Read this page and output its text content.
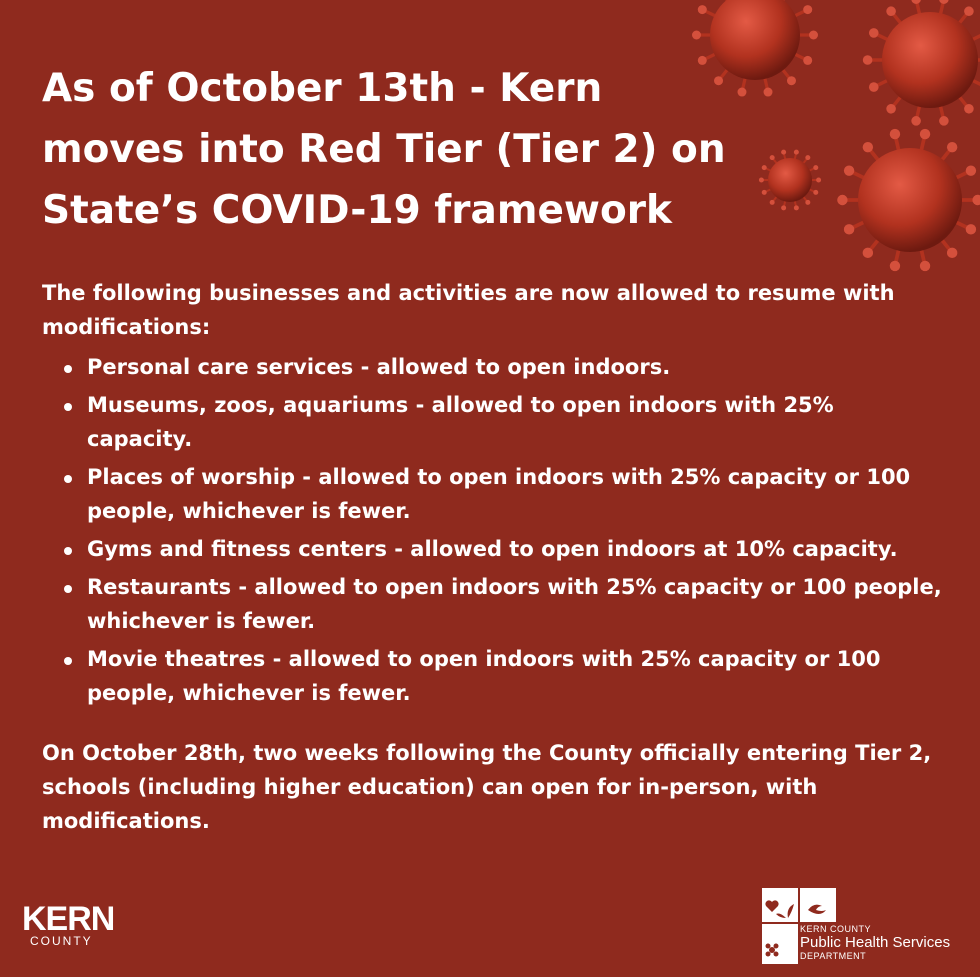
As of October 13th - Kern
moves into Red Tier (Tier 2) on
State’s COVID-19 framework

The following businesses and activities are now allowed to resume with modifications:

Personal care services - allowed to open indoors.
Museums, zoos, aquariums - allowed to open indoors with 25% capacity.
Places of worship - allowed to open indoors with 25% capacity or 100 people, whichever is fewer.
Gyms and fitness centers - allowed to open indoors at 10% capacity.
Restaurants - allowed to open indoors with 25% capacity or 100 people, whichever is fewer.
Movie theatres - allowed to open indoors with 25% capacity or 100 people, whichever is fewer.

On October 28th, two weeks following the County officially entering Tier 2, schools (including higher education) can open for in-person, with modifications.

KERN
COUNTY
KERN COUNTY
Public Health Services
DEPARTMENT
